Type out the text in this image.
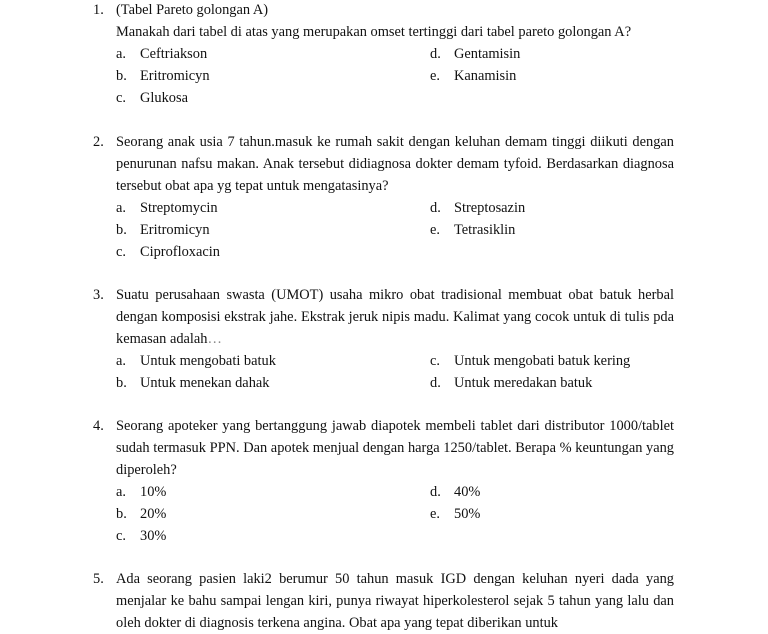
1. (Tabel Pareto golongan A)
Manakah dari tabel di atas yang merupakan omset tertinggi dari tabel pareto golongan A?
a. Ceftriakson
b. Eritromicyn
c. Glukosa
d. Gentamisin
e. Kanamisin
2. Seorang anak usia 7 tahun.masuk ke rumah sakit dengan keluhan demam tinggi diikuti dengan penurunan nafsu makan. Anak tersebut didiagnosa dokter demam tyfoid. Berdasarkan diagnosa tersebut obat apa yg tepat untuk mengatasinya?
a. Streptomycin
b. Eritromicyn
c. Ciprofloxacin
d. Streptosazin
e. Tetrasiklin
3. Suatu perusahaan swasta (UMOT) usaha mikro obat tradisional membuat obat batuk herbal dengan komposisi ekstrak jahe. Ekstrak jeruk nipis madu. Kalimat yang cocok untuk di tulis pda kemasan adalah…
a. Untuk mengobati batuk
b. Untuk menekan dahak
c. Untuk mengobati batuk kering
d. Untuk meredakan batuk
4. Seorang apoteker yang bertanggung jawab diapotek membeli tablet dari distributor 1000/tablet sudah termasuk PPN. Dan apotek menjual dengan harga 1250/tablet. Berapa % keuntungan yang diperoleh?
a. 10%
b. 20%
c. 30%
d. 40%
e. 50%
5. Ada seorang pasien laki2 berumur 50 tahun masuk IGD dengan keluhan nyeri dada yang menjalar ke bahu sampai lengan kiri, punya riwayat hiperkolesterol sejak 5 tahun yang lalu dan oleh dokter di diagnosis terkena angina. Obat apa yang tepat diberikan untuk
